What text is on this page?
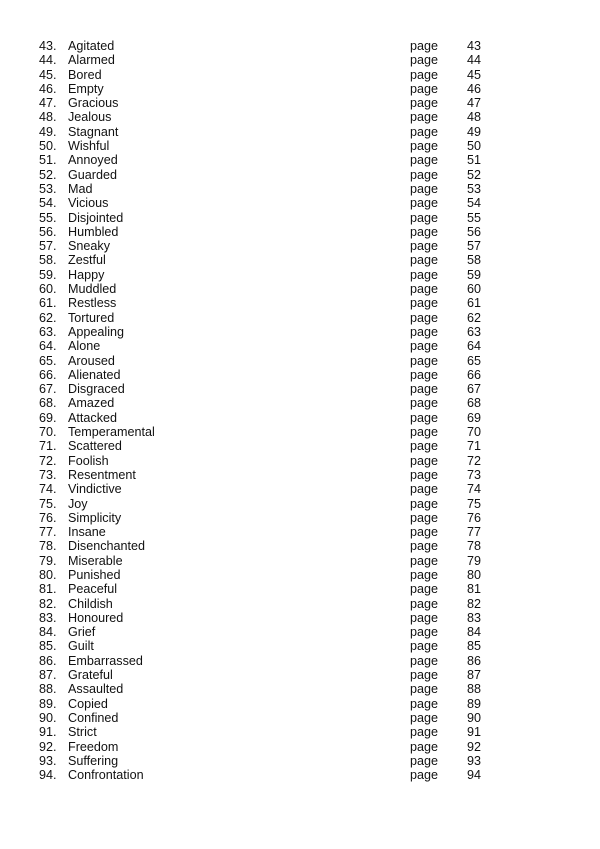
43. Agitated	page 43
44. Alarmed	page 44
45. Bored	page 45
46. Empty	page 46
47. Gracious	page 47
48. Jealous	page 48
49. Stagnant	page 49
50. Wishful	page 50
51. Annoyed	page 51
52. Guarded	page 52
53. Mad	page 53
54. Vicious	page 54
55. Disjointed	page 55
56. Humbled	page 56
57. Sneaky	page 57
58. Zestful	page 58
59. Happy	page 59
60. Muddled	page 60
61. Restless	page 61
62. Tortured	page 62
63. Appealing	page 63
64. Alone	page 64
65. Aroused	page 65
66. Alienated	page 66
67. Disgraced	page 67
68. Amazed	page 68
69. Attacked	page 69
70. Temperamental	page 70
71. Scattered	page 71
72. Foolish	page 72
73. Resentment	page 73
74. Vindictive	page 74
75. Joy	page 75
76. Simplicity	page 76
77. Insane	page 77
78. Disenchanted	page 78
79. Miserable	page 79
80. Punished	page 80
81. Peaceful	page 81
82. Childish	page 82
83. Honoured	page 83
84. Grief	page 84
85. Guilt	page 85
86. Embarrassed	page 86
87. Grateful	page 87
88. Assaulted	page 88
89. Copied	page 89
90. Confined	page 90
91. Strict	page 91
92. Freedom	page 92
93. Suffering	page 93
94. Confrontation	page 94
